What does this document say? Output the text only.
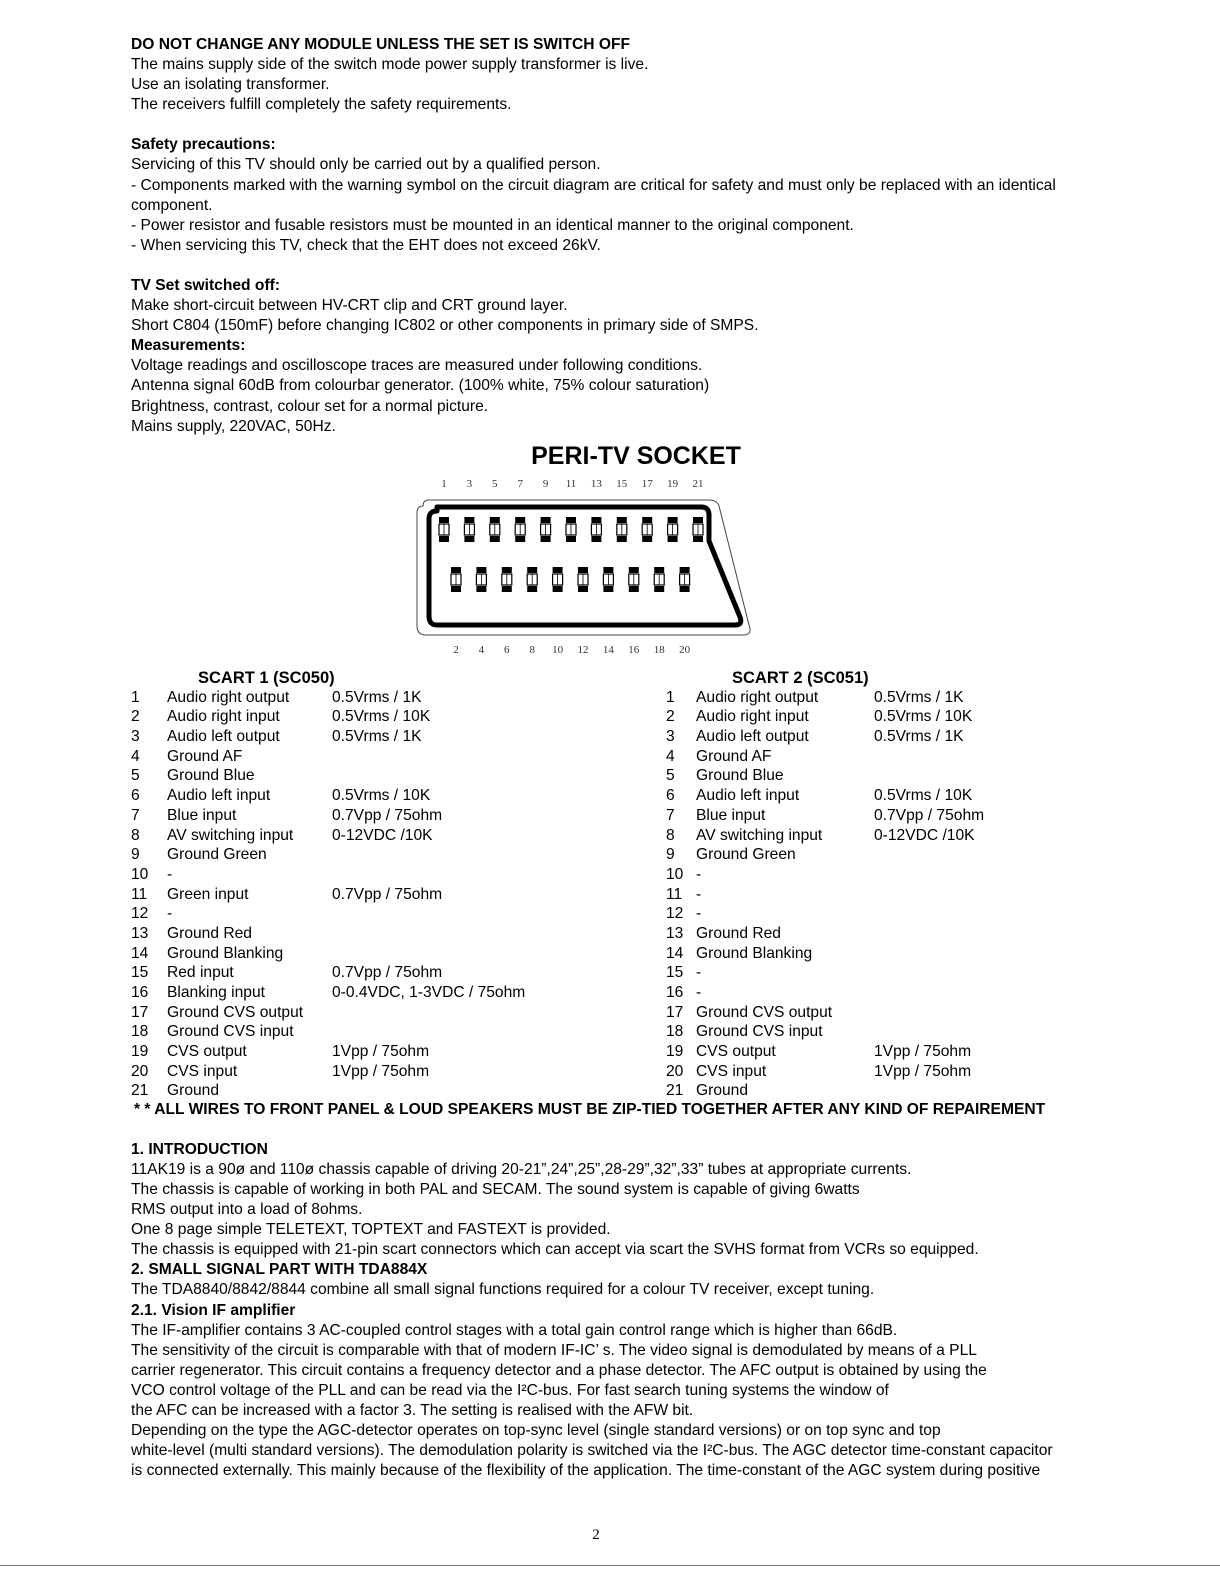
DO NOT CHANGE ANY MODULE UNLESS THE SET IS SWITCH OFF
The mains supply side of the switch mode power supply transformer is live.
Use an isolating transformer.
The receivers fulfill completely the safety requirements.
Safety precautions:
Servicing of this TV should only be carried out by a qualified person.
- Components marked with the warning symbol on the circuit diagram are critical for safety and must only be replaced with an identical
component.
- Power resistor and fusable resistors must be mounted in an identical manner to the original component.
- When servicing this TV, check that the EHT does not exceed 26kV.
TV Set switched off:
Make short-circuit between HV-CRT clip and CRT ground layer.
Short C804 (150mF) before changing IC802 or other components in primary side of SMPS.
Measurements:
Voltage readings and oscilloscope traces are measured under following conditions.
Antenna signal 60dB from colourbar generator. (100% white, 75% colour saturation)
Brightness, contrast, colour set for a normal picture.
Mains supply, 220VAC, 50Hz.
PERI-TV SOCKET
1 3 5 7 9 11 13 15 17 19 21
2 4 6 8 10 12 14 16 18 20
SCART 1 (SC050)
1 Audio right output	0.5Vrms / 1K
2 Audio right input	0.5Vrms / 10K
3 Audio left output	0.5Vrms / 1K
4 Ground AF
5 Ground Blue
6 Audio left input	0.5Vrms / 10K
7 Blue input	0.7Vpp / 75ohm
8 AV switching input 0-12VDC /10K
9 Ground Green
10 -
11 Green input	0.7Vpp / 75ohm
12 -
13 Ground Red
14 Ground Blanking
15 Red input	0.7Vpp / 75ohm
16 Blanking input	0-0.4VDC, 1-3VDC / 75ohm
17 Ground CVS output
18 Ground CVS input
19 CVS output	1Vpp / 75ohm
20 CVS input	1Vpp / 75ohm
21 Ground
SCART 2 (SC051)
1 Audio right output	0.5Vrms / 1K
2 Audio right input	0.5Vrms / 10K
3 Audio left output	0.5Vrms / 1K
4 Ground AF
5 Ground Blue
6 Audio left input	0.5Vrms / 10K
7 Blue input	0.7Vpp / 75ohm
8 AV switching input	0-12VDC /10K
9 Ground Green
10 -
11 -
12 -
13 Ground Red
14 Ground Blanking
15 -
16 -
17 Ground CVS output
18 Ground CVS input
19 CVS output	1Vpp / 75ohm
20 CVS input	1Vpp / 75ohm
21 Ground
* * ALL WIRES TO FRONT PANEL & LOUD SPEAKERS MUST BE ZIP-TIED TOGETHER AFTER ANY KIND OF REPAIREMENT
1. INTRODUCTION
11AK19 is a 90ø and 110ø chassis capable of driving 20-21”,24”,25”,28-29”,32”,33” tubes at appropriate currents.
The chassis is capable of working in both PAL and SECAM. The sound system is capable of giving 6watts
RMS output into a load of 8ohms.
One 8 page simple TELETEXT, TOPTEXT and FASTEXT is provided.
The chassis is equipped with 21-pin scart connectors which can accept via scart the SVHS format from VCRs so equipped.
2. SMALL SIGNAL PART WITH TDA884X
The TDA8840/8842/8844 combine all small signal functions required for a colour TV receiver, except tuning.
2.1. Vision IF amplifier
The IF-amplifier contains 3 AC-coupled control stages with a total gain control range which is higher than 66dB.
The sensitivity of the circuit is comparable with that of modern IF-IC’ s. The video signal is demodulated by means of a PLL
carrier regenerator. This circuit contains a frequency detector and a phase detector. The AFC output is obtained by using the
VCO control voltage of the PLL and can be read via the I²C-bus. For fast search tuning systems the window of
the AFC can be increased with a factor 3. The setting is realised with the AFW bit.
Depending on the type the AGC-detector operates on top-sync level (single standard versions) or on top sync and top
white-level (multi standard versions). The demodulation polarity is switched via the I²C-bus. The AGC detector time-constant capacitor
is connected externally. This mainly because of the flexibility of the application. The time-constant of the AGC system during positive
2
